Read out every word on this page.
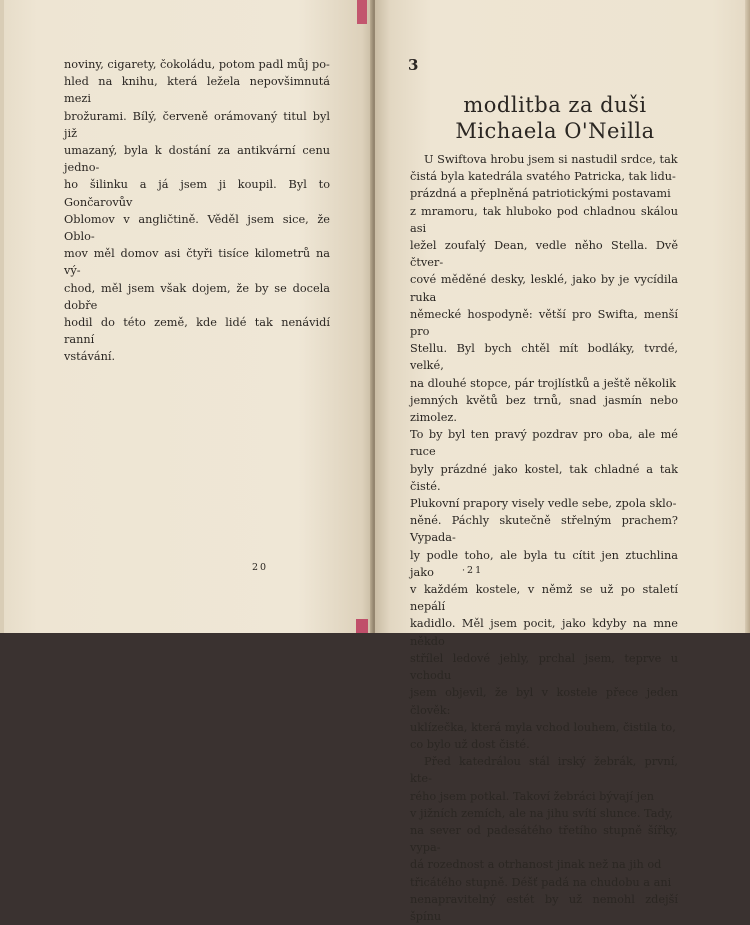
noviny, cigarety, čokoládu, potom padl můj po-

hled na knihu, která ležela nepovšimnutá mezi

brožurami. Bílý, červeně orámovaný titul byl již

umazaný, byla k dostání za antikvární cenu jedno-

ho šilinku a já jsem ji koupil. Byl to Gončarovův

Oblomov v angličtině. Věděl jsem sice, že Oblo-

mov měl domov asi čtyři tisíce kilometrů na vý-

chod, měl jsem však dojem, že by se docela dobře

hodil do této země, kde lidé tak nenávidí ranní

vstávání.

20
3
modlitba za duši
Michaela O'Neilla

U Swiftova hrobu jsem si nastudil srdce, tak

čistá byla katedrála svatého Patricka, tak lidu-

prázdná a přeplněná patriotickými postavami

z mramoru, tak hluboko pod chladnou skálou asi

ležel zoufalý Dean, vedle něho Stella. Dvě čtver-

cové měděné desky, lesklé, jako by je vycídila ruka

německé hospodyně: větší pro Swifta, menší pro

Stellu. Byl bych chtěl mít bodláky, tvrdé, velké,

na dlouhé stopce, pár trojlístků a ještě několik

jemných květů bez trnů, snad jasmín nebo zimolez.

To by byl ten pravý pozdrav pro oba, ale mé ruce

byly prázdné jako kostel, tak chladné a tak čisté.

Plukovní prapory visely vedle sebe, zpola sklo-

něné. Páchly skutečně střelným prachem? Vypada-

ly podle toho, ale byla tu cítit jen ztuchlina jako

v každém kostele, v němž se už po staletí nepálí

kadidlo. Měl jsem pocit, jako kdyby na mne někdo

střílel ledové jehly, prchal jsem, teprve u vchodu

jsem objevil, že byl v kostele přece jeden člověk:

uklízečka, která myla vchod louhem, čistila to,

co bylo už dost čisté.

Před katedrálou stál irský žebrák, první, kte-

rého jsem potkal. Takoví žebráci bývají jen

v jižních zemích, ale na jihu svítí slunce. Tady,

na sever od padesátého třetího stupně šířky, vypa-

dá rozednost a otrhanost jinak než na jih od

třicátého stupně. Déšť padá na chudobu a ani

nenapravitelný estét by už nemohl zdejší špínu

·21
